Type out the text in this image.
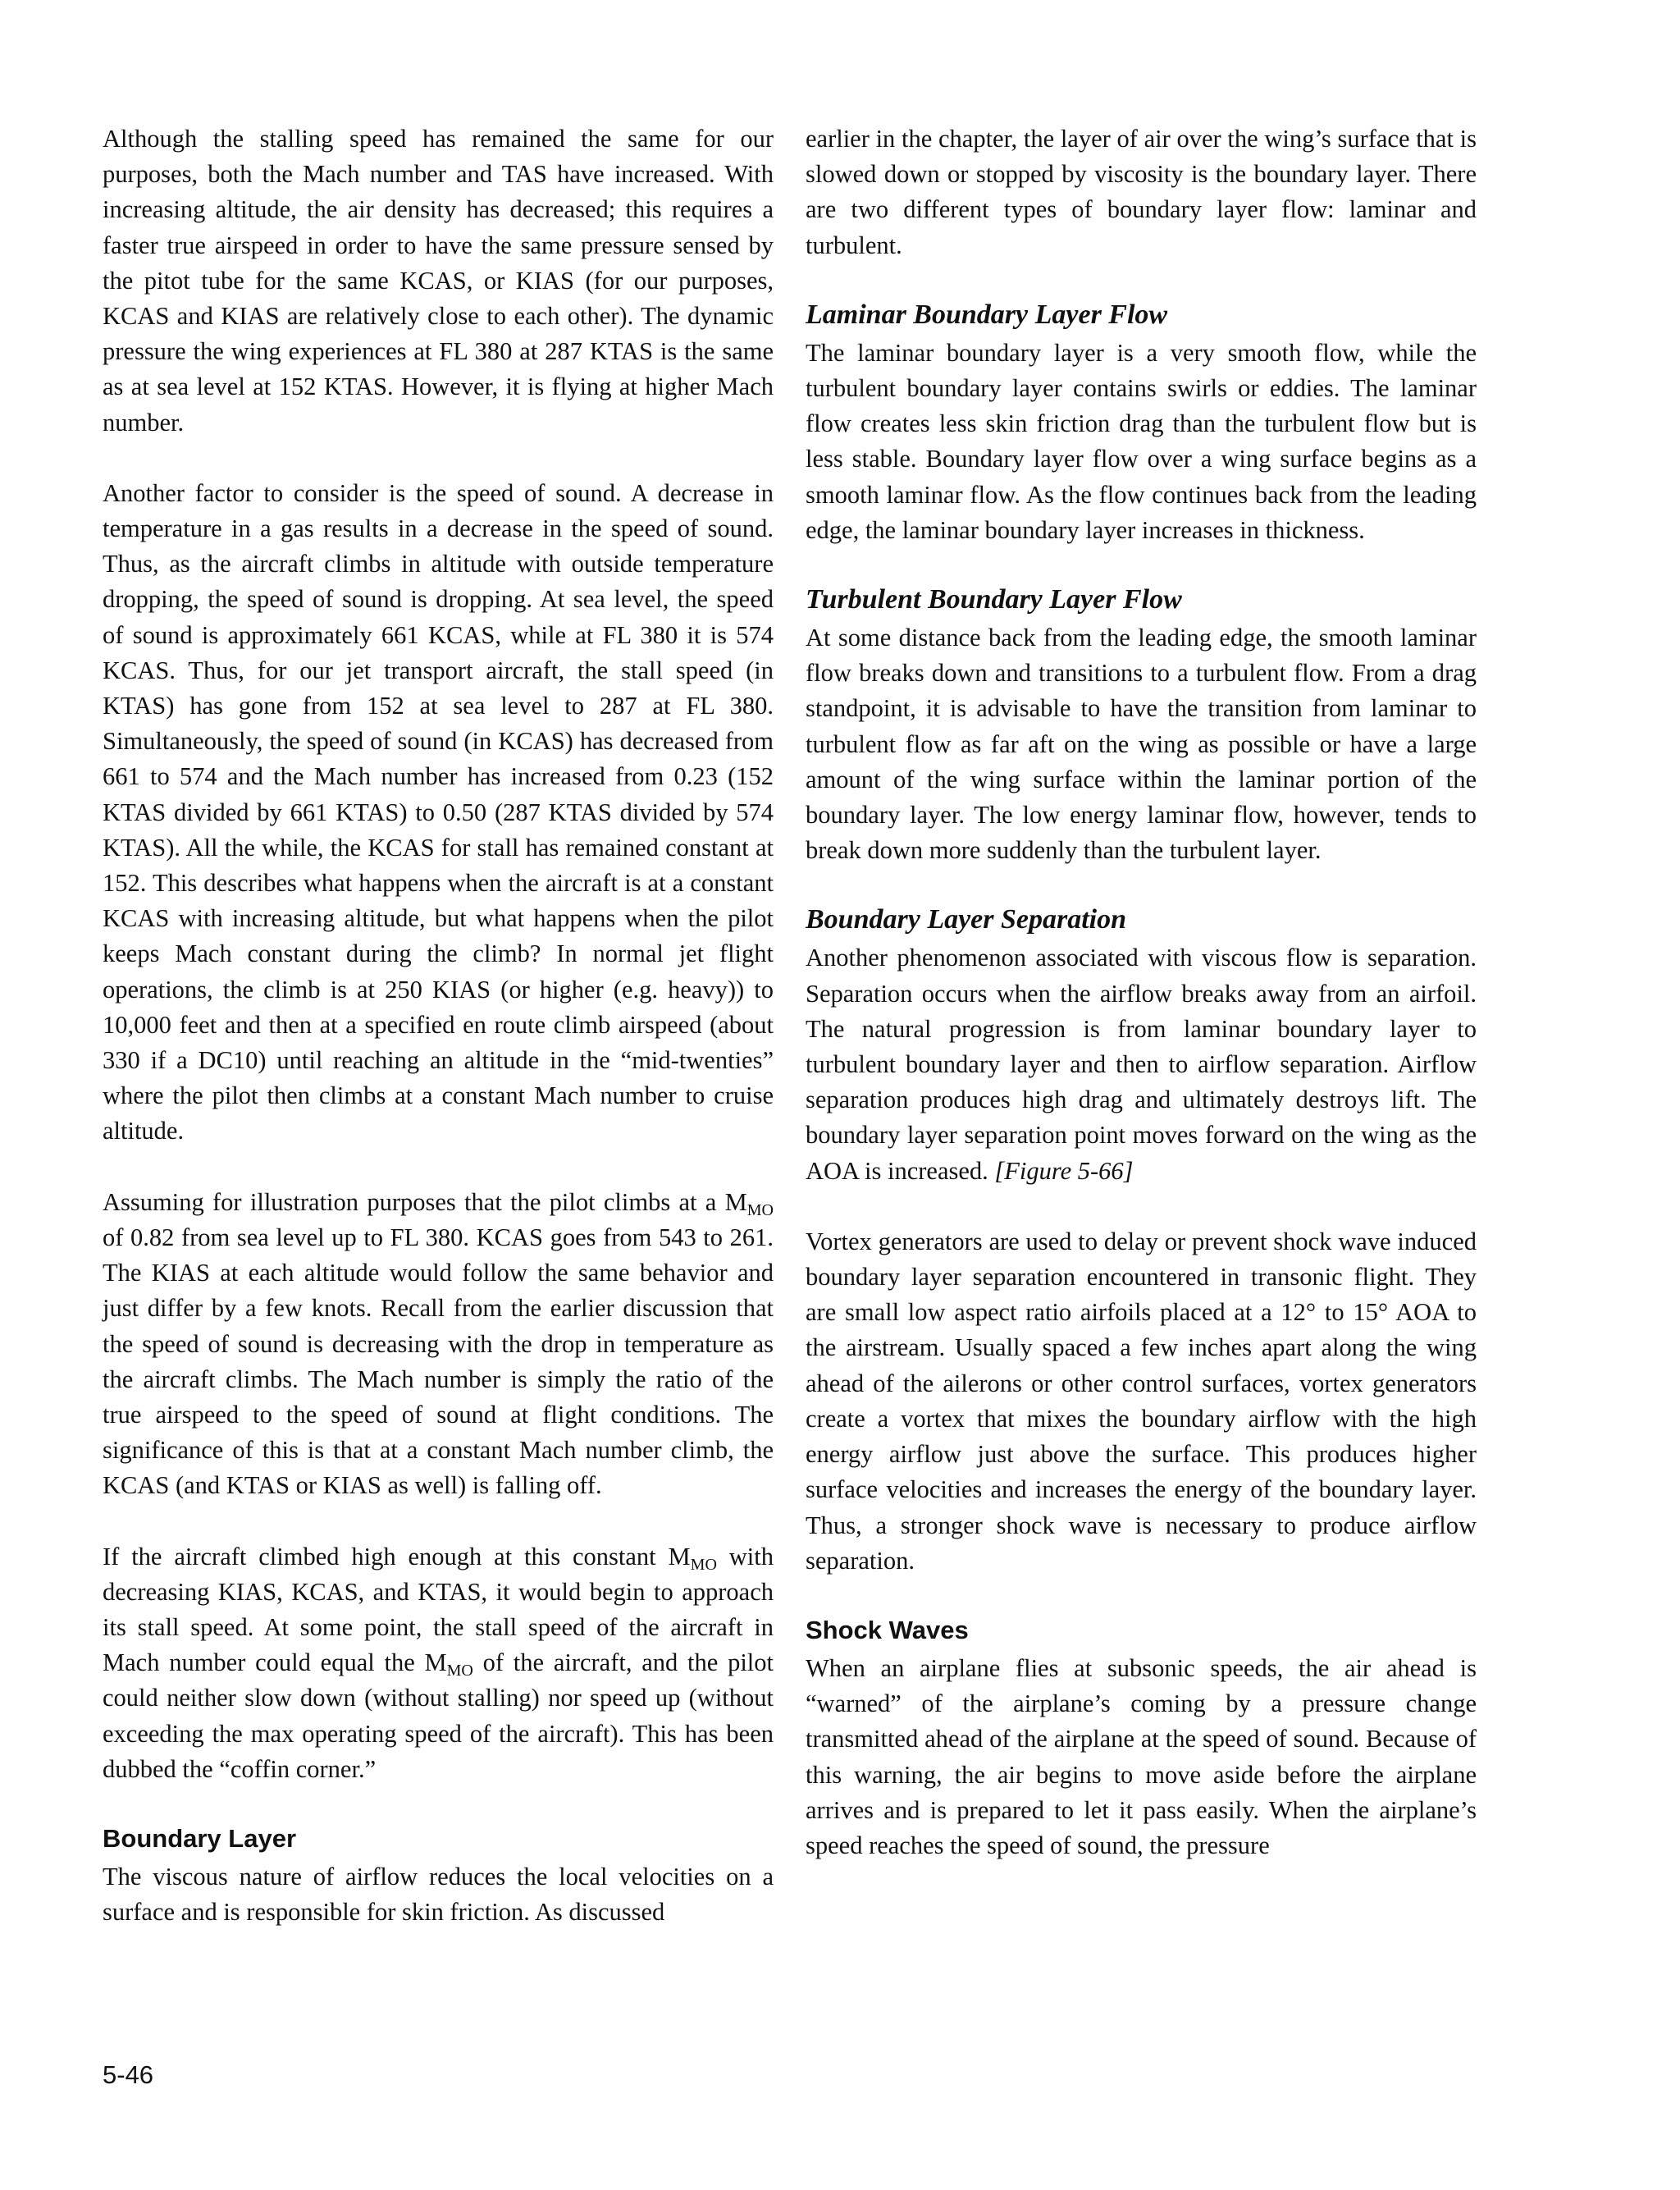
Although the stalling speed has remained the same for our purposes, both the Mach number and TAS have increased. With increasing altitude, the air density has decreased; this requires a faster true airspeed in order to have the same pressure sensed by the pitot tube for the same KCAS, or KIAS (for our purposes, KCAS and KIAS are relatively close to each other). The dynamic pressure the wing experiences at FL 380 at 287 KTAS is the same as at sea level at 152 KTAS. However, it is flying at higher Mach number.

Another factor to consider is the speed of sound. A decrease in temperature in a gas results in a decrease in the speed of sound. Thus, as the aircraft climbs in altitude with outside temperature dropping, the speed of sound is dropping. At sea level, the speed of sound is approximately 661 KCAS, while at FL 380 it is 574 KCAS. Thus, for our jet transport aircraft, the stall speed (in KTAS) has gone from 152 at sea level to 287 at FL 380. Simultaneously, the speed of sound (in KCAS) has decreased from 661 to 574 and the Mach number has increased from 0.23 (152 KTAS divided by 661 KTAS) to 0.50 (287 KTAS divided by 574 KTAS). All the while, the KCAS for stall has remained constant at 152. This describes what happens when the aircraft is at a constant KCAS with increasing altitude, but what happens when the pilot keeps Mach constant during the climb? In normal jet flight operations, the climb is at 250 KIAS (or higher (e.g. heavy)) to 10,000 feet and then at a specified en route climb airspeed (about 330 if a DC10) until reaching an altitude in the “mid-twenties” where the pilot then climbs at a constant Mach number to cruise altitude.

Assuming for illustration purposes that the pilot climbs at a $M_{MO}$ of 0.82 from sea level up to FL 380. KCAS goes from 543 to 261. The KIAS at each altitude would follow the same behavior and just differ by a few knots. Recall from the earlier discussion that the speed of sound is decreasing with the drop in temperature as the aircraft climbs. The Mach number is simply the ratio of the true airspeed to the speed of sound at flight conditions. The significance of this is that at a constant Mach number climb, the KCAS (and KTAS or KIAS as well) is falling off.

If the aircraft climbed high enough at this constant $M_{MO}$ with decreasing KIAS, KCAS, and KTAS, it would begin to approach its stall speed. At some point, the stall speed of the aircraft in Mach number could equal the $M_{MO}$ of the aircraft, and the pilot could neither slow down (without stalling) nor speed up (without exceeding the max operating speed of the aircraft). This has been dubbed the “coffin corner.”

Boundary Layer

The viscous nature of airflow reduces the local velocities on a surface and is responsible for skin friction. As discussed

earlier in the chapter, the layer of air over the wing’s surface that is slowed down or stopped by viscosity is the boundary layer. There are two different types of boundary layer flow: laminar and turbulent.

Laminar Boundary Layer Flow

The laminar boundary layer is a very smooth flow, while the turbulent boundary layer contains swirls or eddies. The laminar flow creates less skin friction drag than the turbulent flow but is less stable. Boundary layer flow over a wing surface begins as a smooth laminar flow. As the flow continues back from the leading edge, the laminar boundary layer increases in thickness.

Turbulent Boundary Layer Flow

At some distance back from the leading edge, the smooth laminar flow breaks down and transitions to a turbulent flow. From a drag standpoint, it is advisable to have the transition from laminar to turbulent flow as far aft on the wing as possible or have a large amount of the wing surface within the laminar portion of the boundary layer. The low energy laminar flow, however, tends to break down more suddenly than the turbulent layer.

Boundary Layer Separation

Another phenomenon associated with viscous flow is separation. Separation occurs when the airflow breaks away from an airfoil. The natural progression is from laminar boundary layer to turbulent boundary layer and then to airflow separation. Airflow separation produces high drag and ultimately destroys lift. The boundary layer separation point moves forward on the wing as the AOA is increased. [Figure 5-66]

Vortex generators are used to delay or prevent shock wave induced boundary layer separation encountered in transonic flight. They are small low aspect ratio airfoils placed at a 12° to 15° AOA to the airstream. Usually spaced a few inches apart along the wing ahead of the ailerons or other control surfaces, vortex generators create a vortex that mixes the boundary airflow with the high energy airflow just above the surface. This produces higher surface velocities and increases the energy of the boundary layer. Thus, a stronger shock wave is necessary to produce airflow separation.

Shock Waves

When an airplane flies at subsonic speeds, the air ahead is “warned” of the airplane’s coming by a pressure change transmitted ahead of the airplane at the speed of sound. Because of this warning, the air begins to move aside before the airplane arrives and is prepared to let it pass easily. When the airplane’s speed reaches the speed of sound, the pressure

5-46
